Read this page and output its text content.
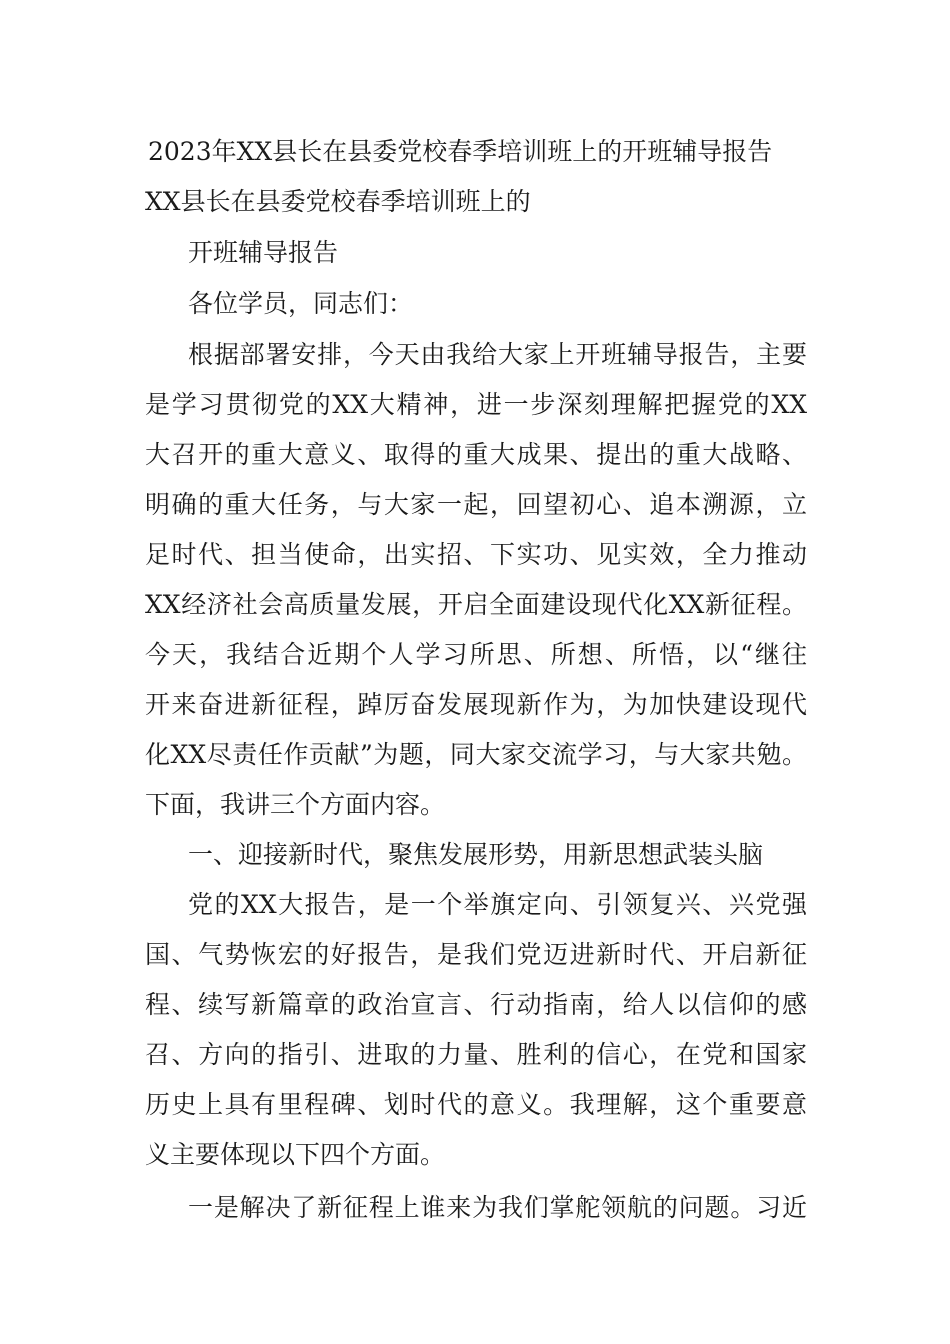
2023年XX县长在县委党校春季培训班上的开班辅导报告
XX县长在县委党校春季培训班上的
开班辅导报告
各位学员，同志们：
根据部署安排，今天由我给大家上开班辅导报告，主要
是学习贯彻党的XX大精神，进一步深刻理解把握党的XX
大召开的重大意义、取得的重大成果、提出的重大战略、
明确的重大任务，与大家一起，回望初心、追本溯源，立
足时代、担当使命，出实招、下实功、见实效，全力推动
XX经济社会高质量发展，开启全面建设现代化XX新征程。
今天，我结合近期个人学习所思、所想、所悟，以“继往
开来奋进新征程，踔厉奋发展现新作为，为加快建设现代
化XX尽责任作贡献”为题，同大家交流学习，与大家共勉。
下面，我讲三个方面内容。
一、迎接新时代，聚焦发展形势，用新思想武装头脑
党的XX大报告，是一个举旗定向、引领复兴、兴党强
国、气势恢宏的好报告，是我们党迈进新时代、开启新征
程、续写新篇章的政治宣言、行动指南，给人以信仰的感
召、方向的指引、进取的力量、胜利的信心，在党和国家
历史上具有里程碑、划时代的意义。我理解，这个重要意
义主要体现以下四个方面。
一是解决了新征程上谁来为我们掌舵领航的问题。习近
